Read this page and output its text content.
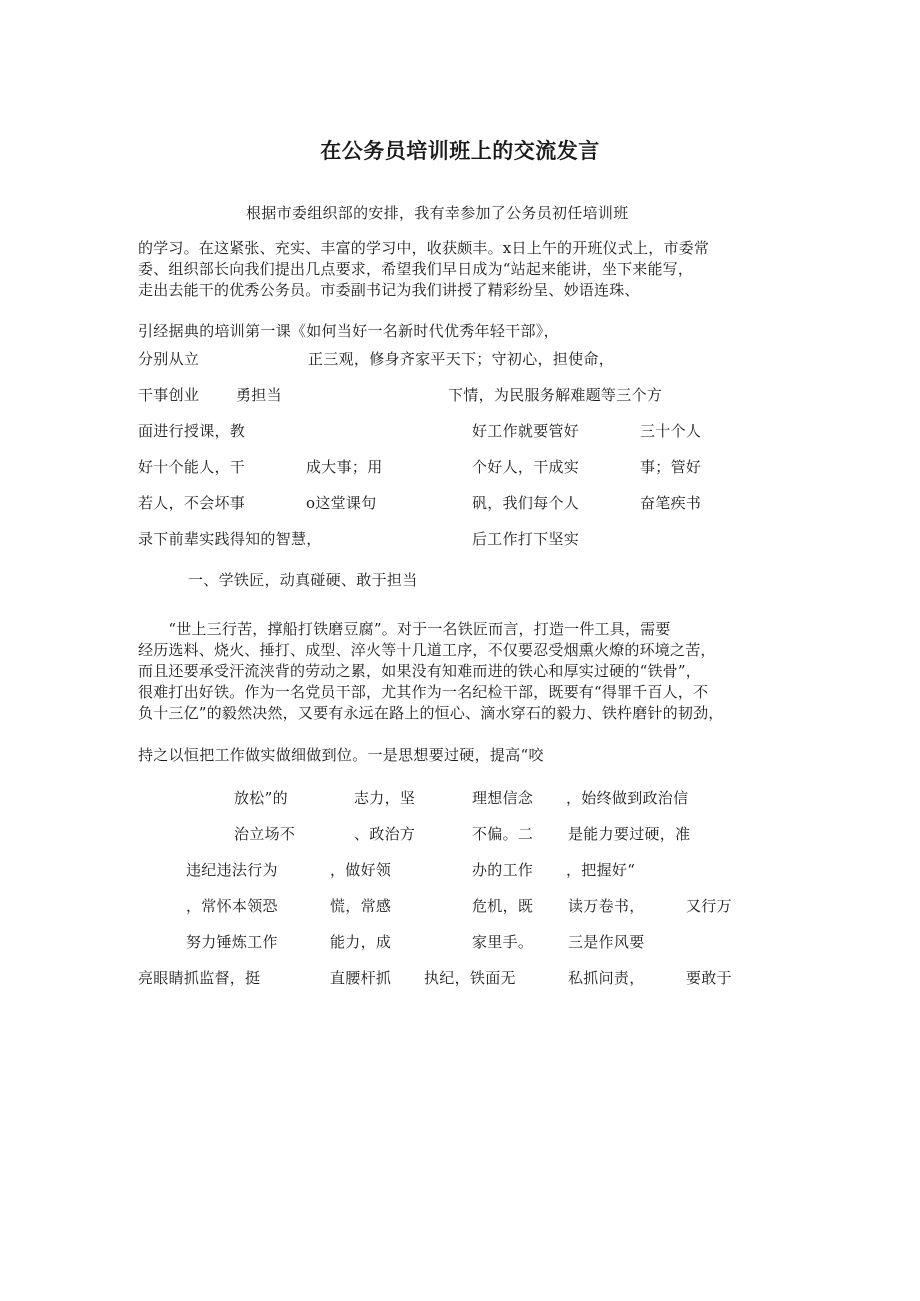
在公务员培训班上的交流发言
根据市委组织部的安排，我有幸参加了公务员初任培训班
的学习。在这紧张、充实、丰富的学习中，收获颇丰。x日上午的开班仪式上，市委常
委、组织部长向我们提出几点要求，希望我们早日成为“站起来能讲，坐下来能写，
走出去能干的优秀公务员。市委副书记为我们讲授了精彩纷呈、妙语连珠、
引经据典的培训第一课《如何当好一名新时代优秀年轻干部》，
分别从立	正三观，修身齐家平天下；守初心，担使命，
干事创业 勇担当	下情，为民服务解难题等三个方
面进行授课，教	好工作就要管好	三十个人
好十个能人，干	成大事；用	个好人，干成实	事；管好
若人，不会坏事	o这堂课句	矾，我们每个人	奋笔疾书
录下前辈实践得知的智慧，	后工作打下坚实
一、学铁匠，动真碰硬、敢于担当
　　“世上三行苦，撑船打铁磨豆腐”。对于一名铁匠而言，打造一件工具，需要
经历选料、烧火、捶打、成型、淬火等十几道工序，不仅要忍受烟熏火燎的环境之苦，
而且还要承受汗流浃背的劳动之累，如果没有知难而进的铁心和厚实过硬的“铁骨”，
很难打出好铁。作为一名党员干部，尤其作为一名纪检干部，既要有“得罪千百人，不
负十三亿”的毅然决然，又要有永远在路上的恒心、滴水穿石的毅力、铁杵磨针的韧劲，
持之以恒把工作做实做细做到位。一是思想要过硬，提高“咬
放松”的	志力，坚	理想信念 ，始终做到政治信
治立场不	、政治方	不偏。二 是能力要过硬，准
违纪违法行为	，做好领	办的工作 ，把握好“
，常怀本领恐	慌，常感	危机，既 读万卷书，	又行万
努力锤炼工作	能力，成	家里手。 三是作风要
亮眼睛抓监督，挺	直腰杆抓 执纪，铁面无	私抓问责，	要敢于
